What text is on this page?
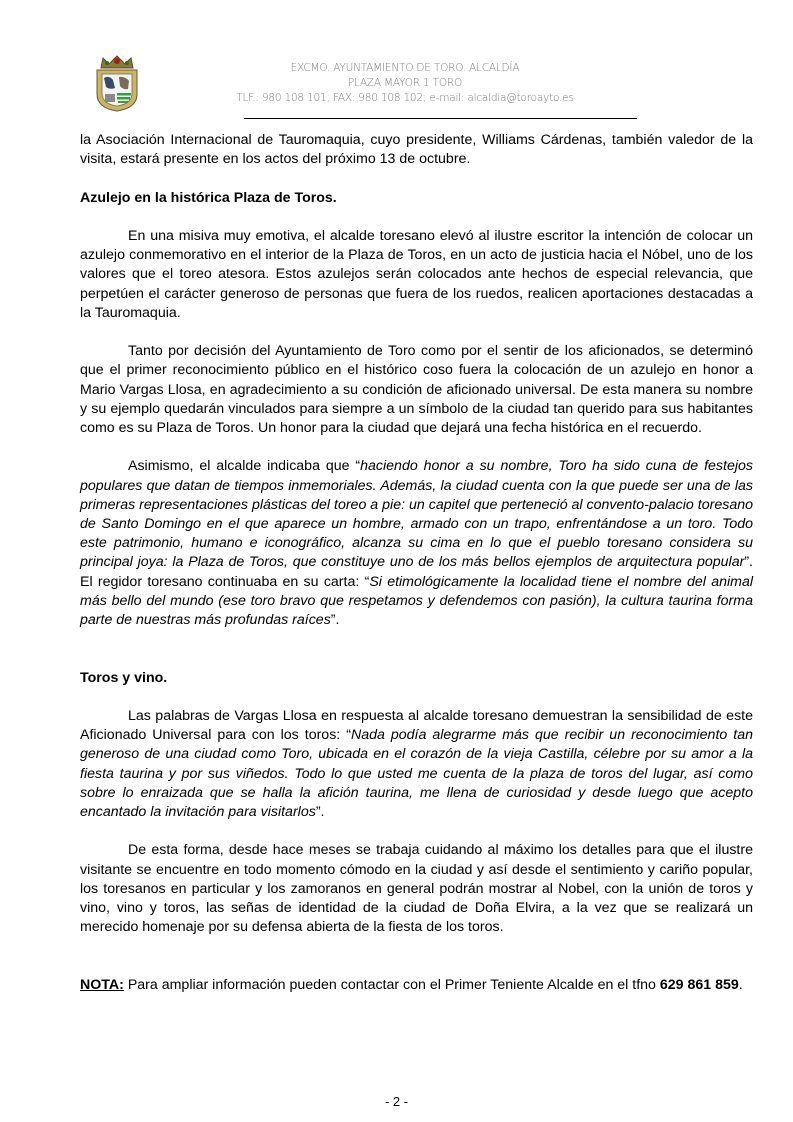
EXCMO. AYUNTAMIENTO DE TORO. ALCALDÍA
PLAZA MAYOR 1 TORO
TLF.: 980 108 101; FAX: 980 108 102; e-mail: alcaldia@toroayto.es

la Asociación Internacional de Tauromaquia, cuyo presidente, Williams Cárdenas, también valedor de la visita, estará presente en los actos del próximo 13 de octubre.

Azulejo en la histórica Plaza de Toros.

En una misiva muy emotiva, el alcalde toresano elevó al ilustre escritor la intención de colocar un azulejo conmemorativo en el interior de la Plaza de Toros, en un acto de justicia hacia el Nóbel, uno de los valores que el toreo atesora. Estos azulejos serán colocados ante hechos de especial relevancia, que perpetúen el carácter generoso de personas que fuera de los ruedos, realicen aportaciones destacadas a la Tauromaquia.

Tanto por decisión del Ayuntamiento de Toro como por el sentir de los aficionados, se determinó que el primer reconocimiento público en el histórico coso fuera la colocación de un azulejo en honor a Mario Vargas Llosa, en agradecimiento a su condición de aficionado universal. De esta manera su nombre y su ejemplo quedarán vinculados para siempre a un símbolo de la ciudad tan querido para sus habitantes como es su Plaza de Toros. Un honor para la ciudad que dejará una fecha histórica en el recuerdo.

Asimismo, el alcalde indicaba que “haciendo honor a su nombre, Toro ha sido cuna de festejos populares que datan de tiempos inmemoriales. Además, la ciudad cuenta con la que puede ser una de las primeras representaciones plásticas del toreo a pie: un capitel que perteneció al convento-palacio toresano de Santo Domingo en el que aparece un hombre, armado con un trapo, enfrentándose a un toro. Todo este patrimonio, humano e iconográfico, alcanza su cima en lo que el pueblo toresano considera su principal joya: la Plaza de Toros, que constituye uno de los más bellos ejemplos de arquitectura popular”. El regidor toresano continuaba en su carta: “Si etimológicamente la localidad tiene el nombre del animal más bello del mundo (ese toro bravo que respetamos y defendemos con pasión), la cultura taurina forma parte de nuestras más profundas raíces”.

Toros y vino.

Las palabras de Vargas Llosa en respuesta al alcalde toresano demuestran la sensibilidad de este Aficionado Universal para con los toros: “Nada podía alegrarme más que recibir un reconocimiento tan generoso de una ciudad como Toro, ubicada en el corazón de la vieja Castilla, célebre por su amor a la fiesta taurina y por sus viñedos. Todo lo que usted me cuenta de la plaza de toros del lugar, así como sobre lo enraizada que se halla la afición taurina, me llena de curiosidad y desde luego que acepto encantado la invitación para visitarlos”.

De esta forma, desde hace meses se trabaja cuidando al máximo los detalles para que el ilustre visitante se encuentre en todo momento cómodo en la ciudad y así desde el sentimiento y cariño popular, los toresanos en particular y los zamoranos en general podrán mostrar al Nobel, con la unión de toros y vino, vino y toros, las señas de identidad de la ciudad de Doña Elvira, a la vez que se realizará un merecido homenaje por su defensa abierta de la fiesta de los toros.

NOTA: Para ampliar información pueden contactar con el Primer Teniente Alcalde en el tfno 629 861 859.

- 2 -
